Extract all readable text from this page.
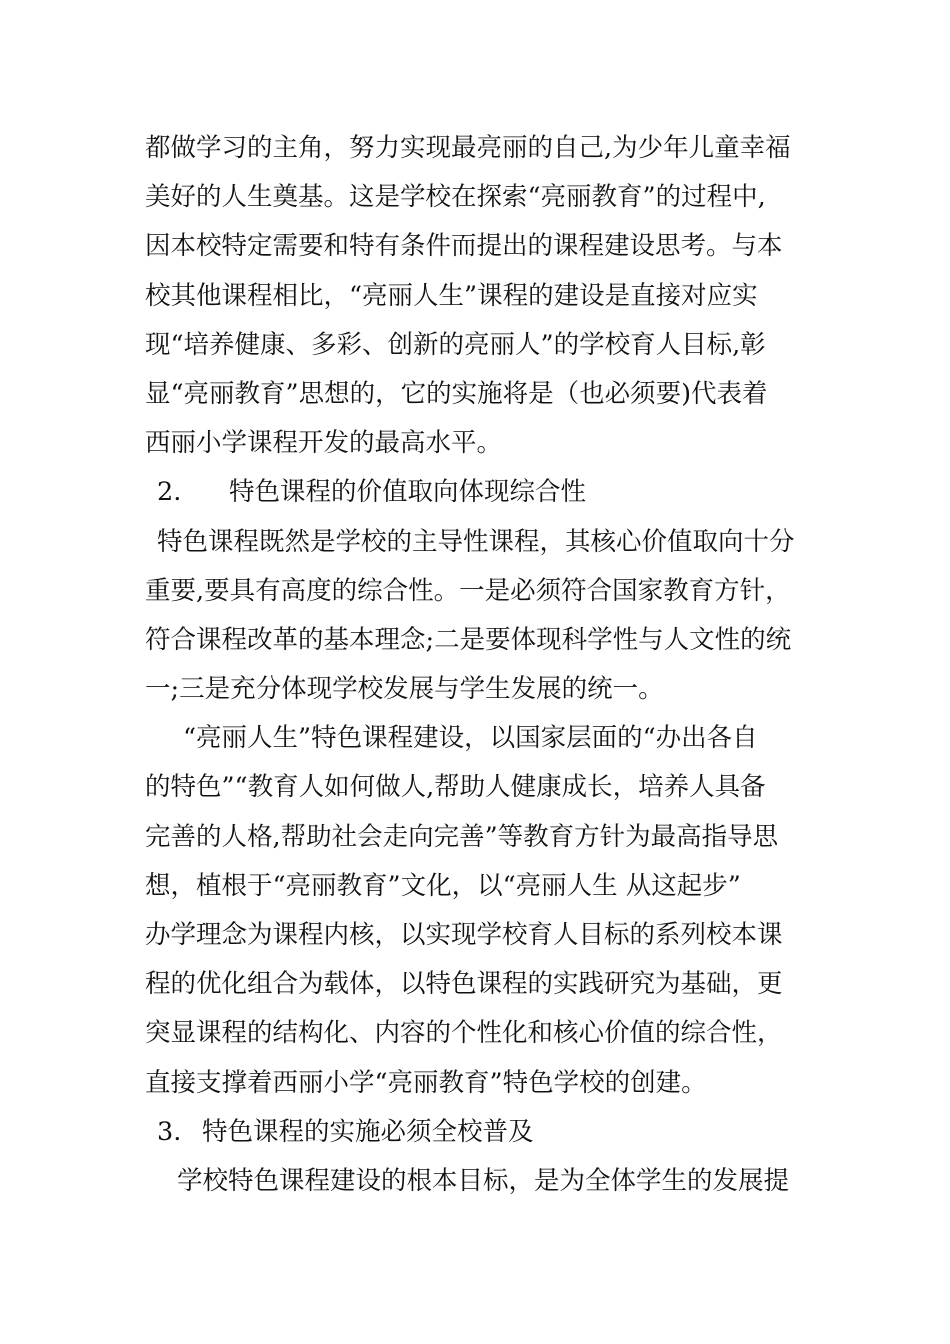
都做学习的主角，努力实现最亮丽的自己,为少年儿童幸福
美好的人生奠基。这是学校在探索“亮丽教育”的过程中,
因本校特定需要和特有条件而提出的课程建设思考。与本
校其他课程相比，“亮丽人生”课程的建设是直接对应实
现“培养健康、多彩、创新的亮丽人”的学校育人目标,彰
显“亮丽教育”思想的，它的实施将是（也必须要)代表着
西丽小学课程开发的最高水平。
2. 特色课程的价值取向体现综合性
特色课程既然是学校的主导性课程，其核心价值取向十分
重要,要具有高度的综合性。一是必须符合国家教育方针，
符合课程改革的基本理念;二是要体现科学性与人文性的统
一;三是充分体现学校发展与学生发展的统一。
“亮丽人生”特色课程建设，以国家层面的“办出各自
的特色”“教育人如何做人,帮助人健康成长，培养人具备
完善的人格,帮助社会走向完善”等教育方针为最高指导思
想，植根于“亮丽教育”文化，以“亮丽人生 从这起步”
办学理念为课程内核，以实现学校育人目标的系列校本课
程的优化组合为载体，以特色课程的实践研究为基础，更
突显课程的结构化、内容的个性化和核心价值的综合性，
直接支撑着西丽小学“亮丽教育”特色学校的创建。
3. 特色课程的实施必须全校普及
学校特色课程建设的根本目标，是为全体学生的发展提
